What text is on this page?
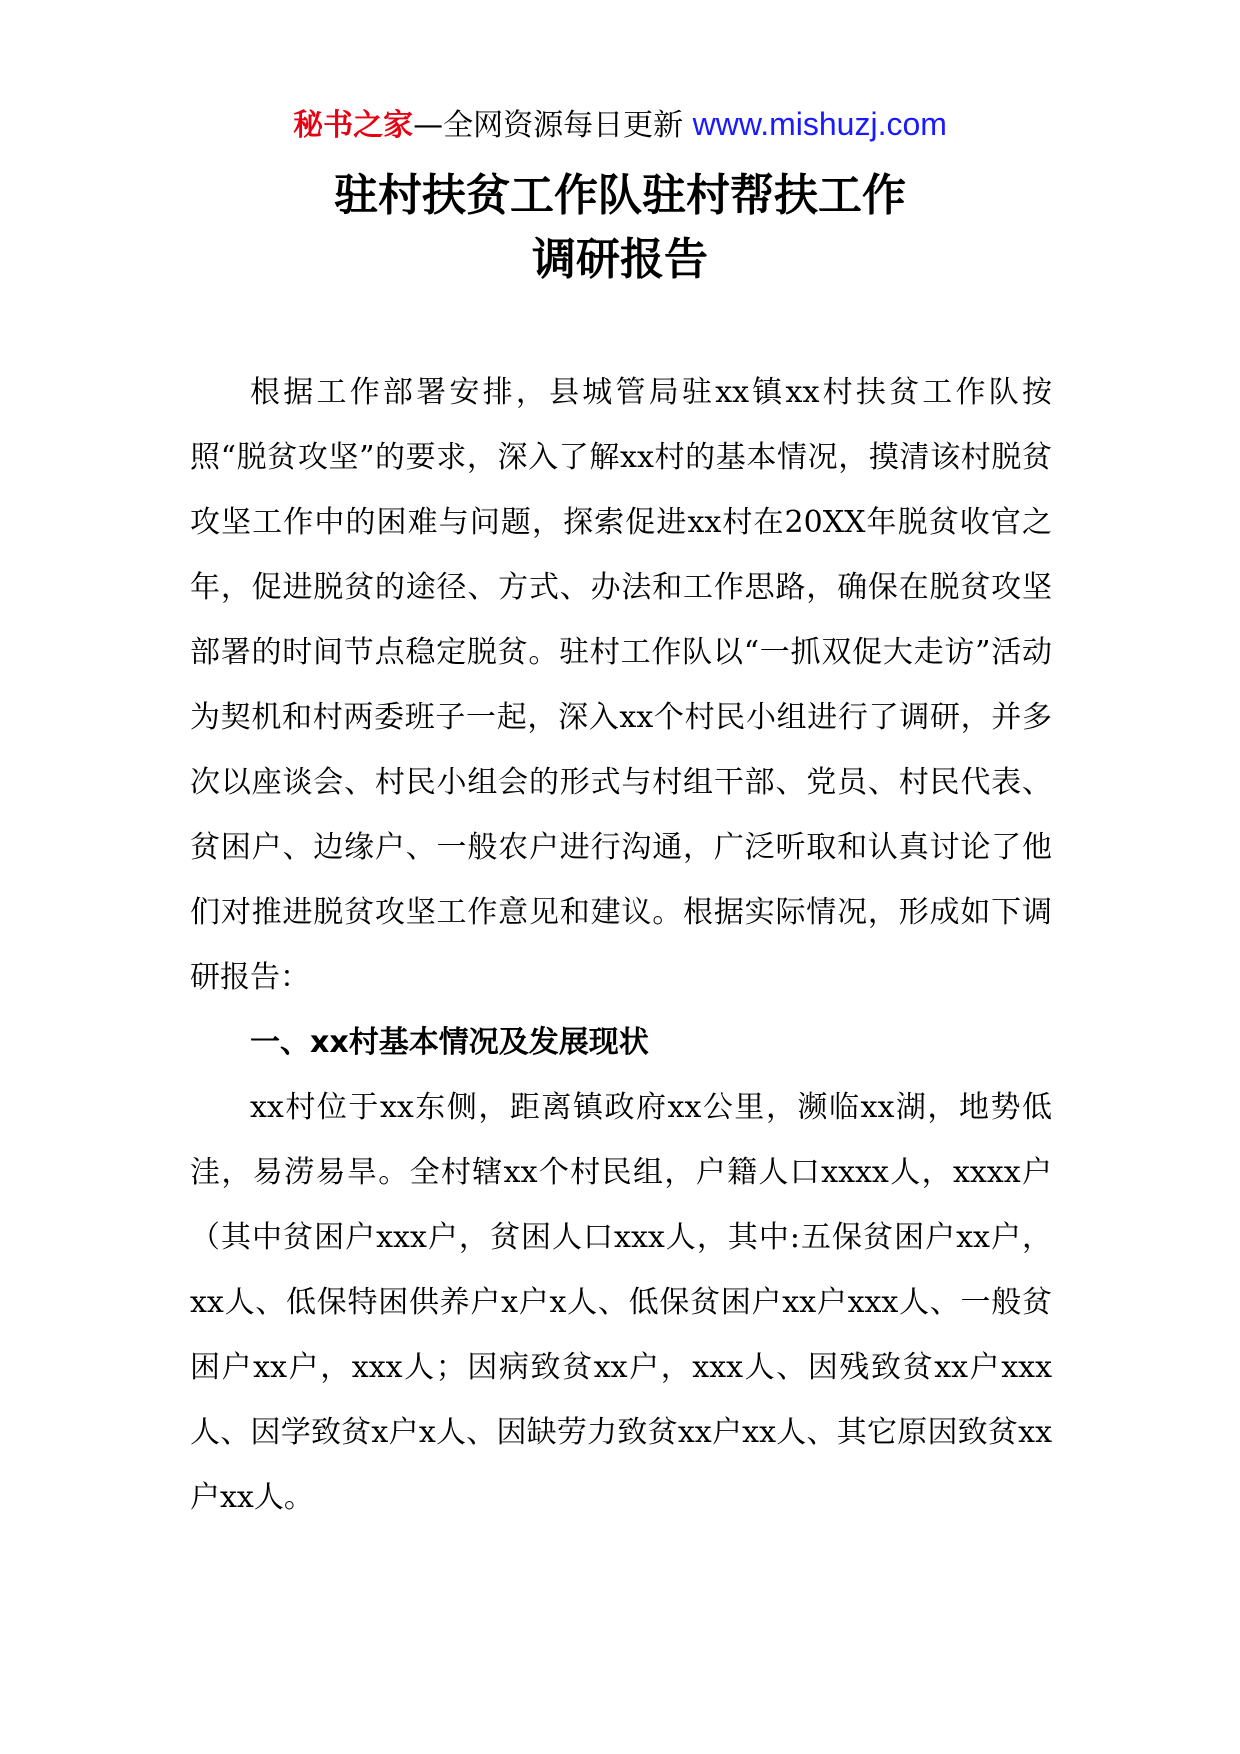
秘书之家—全网资源每日更新 www.mishuzj.com
驻村扶贫工作队驻村帮扶工作
调研报告

根据工作部署安排，县城管局驻xx镇xx村扶贫工作队按照“脱贫攻坚”的要求，深入了解xx村的基本情况，摸清该村脱贫攻坚工作中的困难与问题，探索促进xx村在20XX年脱贫收官之年，促进脱贫的途径、方式、办法和工作思路，确保在脱贫攻坚部署的时间节点稳定脱贫。驻村工作队以“一抓双促大走访”活动为契机和村两委班子一起，深入xx个村民小组进行了调研，并多次以座谈会、村民小组会的形式与村组干部、党员、村民代表、贫困户、边缘户、一般农户进行沟通，广泛听取和认真讨论了他们对推进脱贫攻坚工作意见和建议。根据实际情况，形成如下调研报告：

一、xx村基本情况及发展现状

xx村位于xx东侧，距离镇政府xx公里，濒临xx湖，地势低洼，易涝易旱。全村辖xx个村民组，户籍人口xxxx人，xxxx户（其中贫困户xxx户，贫困人口xxx人，其中:五保贫困户xx户，xx人、低保特困供养户x户x人、低保贫困户xx户xxx人、一般贫困户xx户，xxx人；因病致贫xx户，xxx人、因残致贫xx户xxx人、因学致贫x户x人、因缺劳力致贫xx户xx人、其它原因致贫xx户xx人。
